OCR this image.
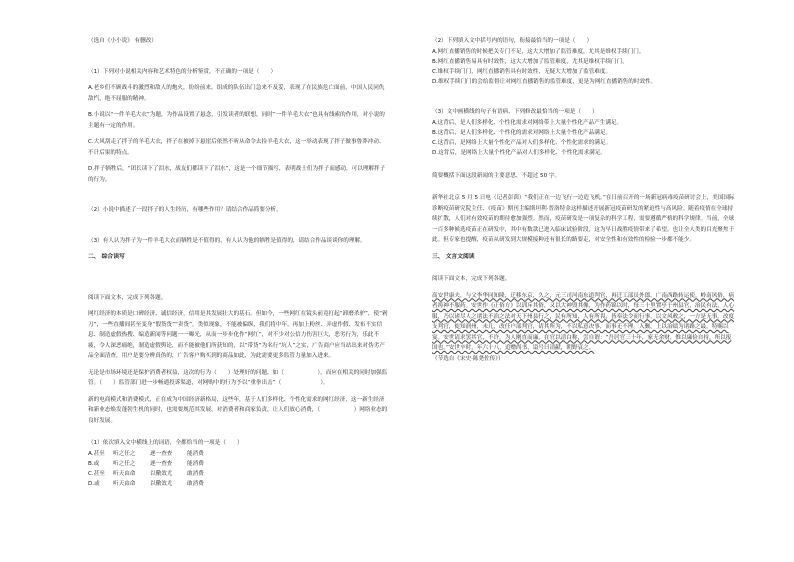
（选自《小小说》 有删改）

（1）下列对小说相关内容和艺术特色的分析鉴赏，不正确的一项是（　　）

A.老乡们不顾战斗的激烈和敌人的炮火，纷纷前来，组成的队伍出门急来不及妥，表现了在民族危亡面前，中国人民同仇敌忾，绝不屈服的精神。

B.小说以“一件羊毛大衣”为题，为作品设置了悬念，引发读者的联想，同时“一件羊毛大衣”也具有线索的作用，对小说的主题有一定的作用。

C.大风刮走了拌子的羊毛大衣，拌子在被掉下悬崖后依然不听从命令去捡羊毛大衣，这一举动表现了拌子做事鲁莽冲动、不计后果的特点。

D.拌子牺牲后，“团长读下了泪水，战友们都读下了泪水”，这是一个细节描写，表明战士们为拌子而感动，可以理解拌子的行为。

（2）小说中描述了一段拌子的人生经历，有哪些作用？请结合作品简要分析。

（3）有人认为拌子为一件羊毛大衣而牺牲是不值得的，有人认为他的牺牲是值得的，请结合作品谈谈你的理解。

二、 综合读写

阅读下面文本，完成下列各题。

网红经济的本质是口碑经济、诚信经济，信用是其发展壮大的基石。但如今，一些网红在镜头前竟打起“卸磨杀驴”，使“剁刀”，一些直播间甚至变身“假货货”“卖货”。类似现象，不能被偏纵，我们将中年，再加上粉丝、弄虚作假、发布不实信息、制造虚假热搜、编造新闻等问题一一曝光，从而一步步化作“网红”，对不少对公信力伤害巨大，恶劣行为，乐此不疲，令人深恶痛绝，制造虚假舆论，而不能被他们所获知的，以“带货”为名行“坑人”之实，广告商户应当站出来对伪劣产品全面清查，用户是要分辨真伪的，广告客户购买到的商品如此，为此需要更多监管力量加入进来。

无论是市场环境还是保护消费者权益，这次的行为（　　）处理好的问题，如（　　　　　　），而应在相关的同时加强监管。（　　）监管部门进一步畅通投诉渠道，对网购中的行为予以“重拳出击”（　　　　　　　）。

新的电商模式和消费模式，正在成为中国经济新格局，这些年，基于人们多样化、个性化需求的网红经济，这一新生经济和新业态焕发蓬勃生机的同时，也需要规范其发展，对消费者和商家负责，让人们放心消费，（　　　　　　）网络业态的良好发展。

（1）依次填入文中横线上的词语，全都恰当的一项是（　　）

A.甚至	听之任之	逐一查查	能消费
B.或	听之任之	逐一查查	能消费
C.甚至	听天由命	以儆效尤	敢消费
D.或	听天由命	以儆效尤	敢消费

（2）下列填入文中括号内的语句，衔接最恰当的一项是（　　）

A.网红直播销售的时候把关专门不足，这大大增加了监管难度，尤其是维权手续门门。

B.网红直播销售易具有时效性，这大大增加了监管难度，尤其是维权手续门门。

C.维权手续门门，网红直播销售具有时效性，无疑大大增加了监管难度。

D.维权手续门门的会给监督让对网红直播销售的监管难度，更是为网红直播销售的时效性。

（3）文中画横线的句子有语病，下列修改最恰当的一项是（　　）

A.这背后，是人们多样化、个性化需求对网络带上大量个性化产品产生满足。

B.这背后，是人们多样化、个性化的需求对网络上大量个性化产品满足。

C.这背后，是网络上大量个性化产品对人们多样化、个性化需求的满足。

D.这背后，是网络上大量个性化产品对人们多样化、个性化需求满足。

简要概括下面这段新闻的主要意思，不超过 50 字。

新华社北京 5 月 5 日电（记者彭茵）“我们正在一边飞行一边造飞机。”在日前召开的一场新冠病毒疫苗研讨会上，美国国际诊断疫苗研究院主任、《疫苗》期刊主编斯坦利·普洛特金这样描述开展新冠疫苗研发的紧迫性与高风险。随着疫情在全球持续扩散，人们对有效疫苗的期待愈加强烈。然而，疫苗研发是一项复杂的科学工程，需要遵循严格的科学规律。当前，全球一百多种候选疫苗正在研发中，其中有数款已进入临床试验阶段，这为早日战胜疫情带来了希望，也让全人类的目光聚焦于此。但专家也提醒，疫苗从研发到大规模接种还有很长的路要走，对安全性和有效性的检验一步都不能少。

三、 文言文阅读

阅读下面文本，完成下列各题。

高安世康夫，与父李华同知隆，迁移东京，久之，元三司河南东道判官，再迁工部员外郎，广南西路转运使。岭南风俗，病者祷神不服药。安世作《正俗方》以训斥其俗，又以大神毁其像，为作药锦以时，每三十里置亭于州县官，治民有法，人心服，乃以诸尽人之诸法不治之法对天下州县行之，民有所知，人有所畏，皆奉法令而行事，以文风敕之，一方是无事。改度支判官，徙知润州，未几，改任户部判官，请其所为，不以私意决事，而事无不理。入觐，上以治绩为诸路之最，特赐以宴。安世请求罢其官，不许。为人刚直而廉，在官以清白称，尝自谓：“吾居官三十年，家无余财，惟以廉俭自持，所以报国也。”安世卒时，年六十八，追赠尚书，谥号曰清献，朝野哀之。

（节选自《宋史·陈尧佐传》）
